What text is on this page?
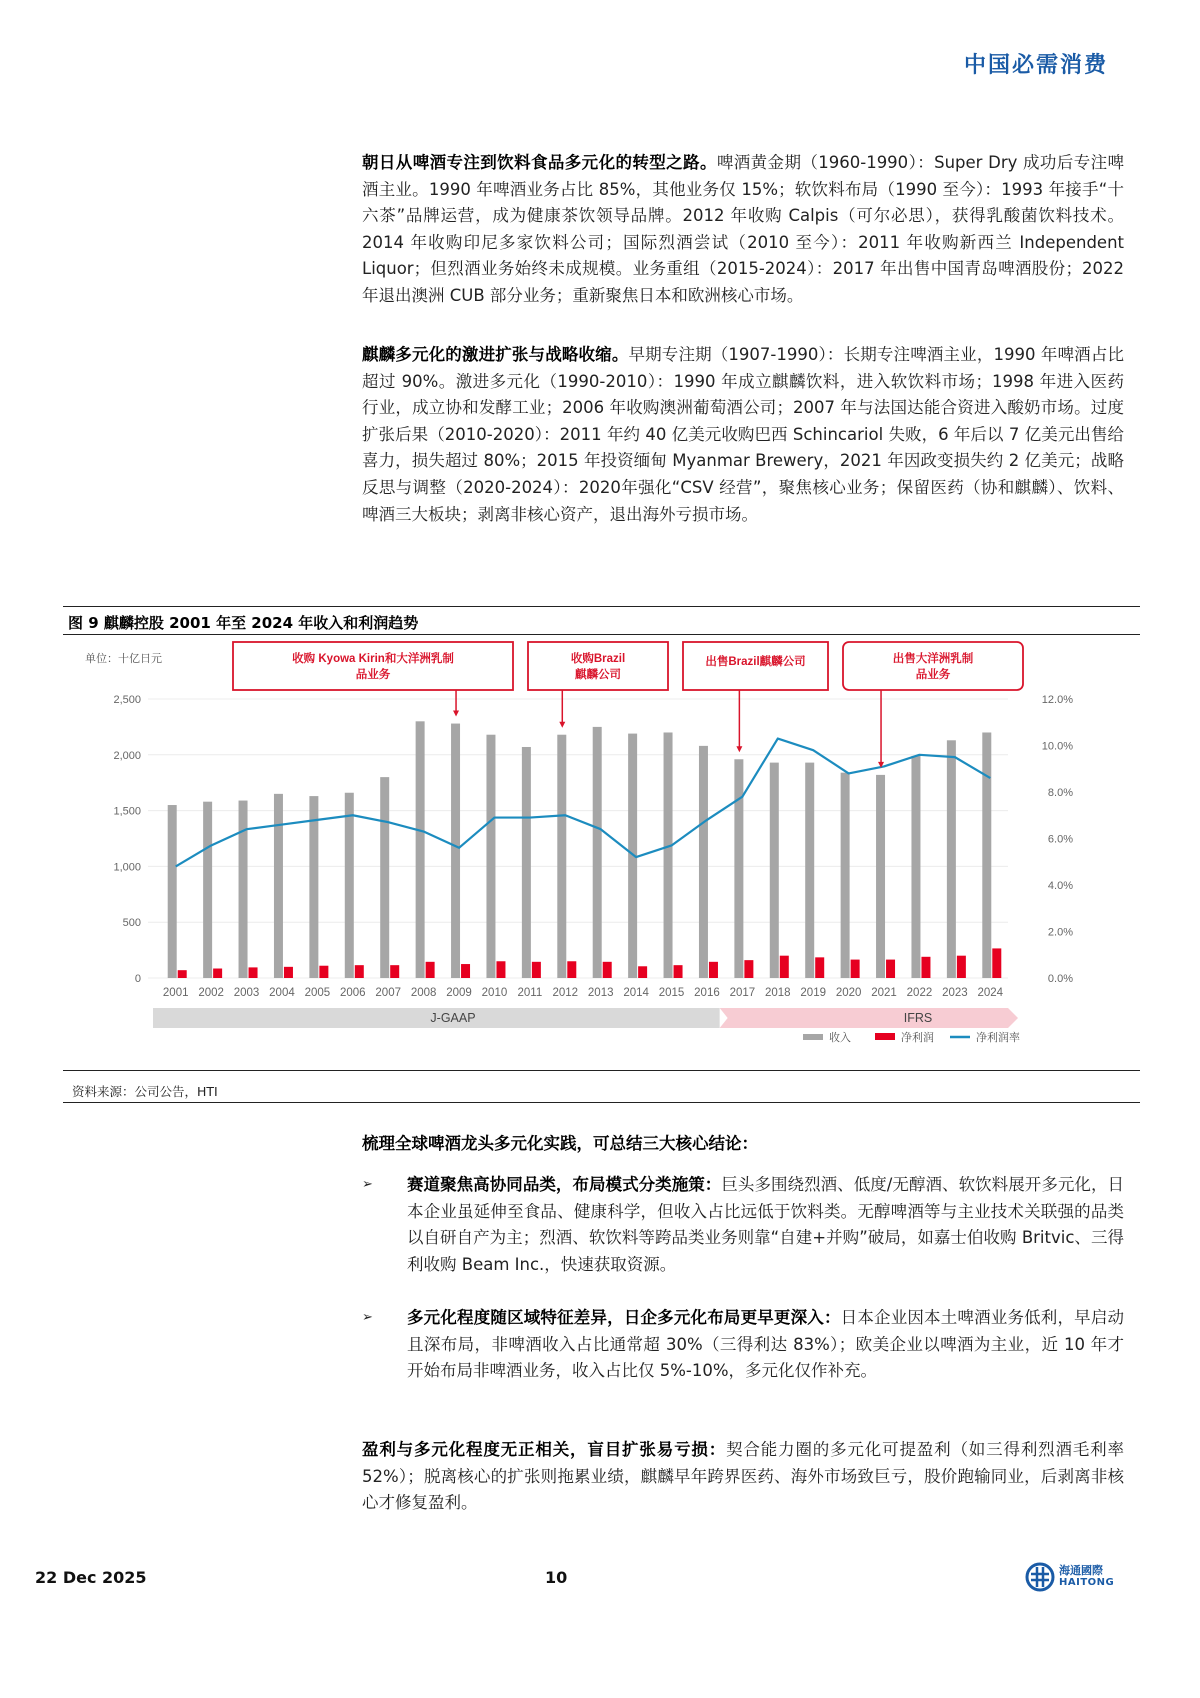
中国必需消费
朝日从啤酒专注到饮料食品多元化的转型之路。啤酒黄金期（1960-1990）：Super Dry 成功后专注啤酒主业。1990 年啤酒业务占比 85%，其他业务仅 15%；软饮料布局（1990 至今）：1993 年接手“十六茶”品牌运营，成为健康茶饮领导品牌。2012 年收购 Calpis（可尔必思），获得乳酸菌饮料技术。2014 年收购印尼多家饮料公司；国际烈酒尝试（2010 至今）：2011 年收购新西兰 Independent Liquor；但烈酒业务始终未成规模。业务重组（2015-2024）：2017 年出售中国青岛啤酒股份；2022 年退出澳洲 CUB 部分业务；重新聚焦日本和欧洲核心市场。
麒麟多元化的激进扩张与战略收缩。早期专注期（1907-1990）：长期专注啤酒主业，1990 年啤酒占比超过 90%。激进多元化（1990-2010）：1990 年成立麒麟饮料，进入软饮料市场；1998 年进入医药行业，成立协和发酵工业；2006 年收购澳洲葡萄酒公司；2007 年与法国达能合资进入酸奶市场。过度扩张后果（2010-2020）：2011 年约 40 亿美元收购巴西 Schincariol 失败，6 年后以 7 亿美元出售给喜力，损失超过 80%；2015 年投资缅甸 Myanmar Brewery，2021 年因政变损失约 2 亿美元；战略反思与调整（2020-2024）：2020年强化“CSV 经营”，聚焦核心业务；保留医药（协和麒麟）、饮料、啤酒三大板块；剥离非核心资产，退出海外亏损市场。
图 9 麒麟控股 2001 年至 2024 年收入和利润趋势
单位：十亿日元
0
500
1,000
1,500
2,000
2,500
0.0%
2.0%
4.0%
6.0%
8.0%
10.0%
12.0%
2001 2002 2003 2004 2005 2006 2007 2008 2009 2010 2011 2012 2013 2014 2015 2016 2017 2018 2019 2020 2021 2022 2023 2024
J-GAAP	IFRS
收购 Kyowa Kirin和大洋洲乳制
品业务
收购Brazil
麒麟公司
出售Brazil麒麟公司	出售大洋洲乳制
品业务
收入	净利润	净利润率
资料来源：公司公告，HTI
梳理全球啤酒龙头多元化实践，可总结三大核心结论：
➢ 赛道聚焦高协同品类，布局模式分类施策：巨头多围绕烈酒、低度/无醇酒、软饮料展开多元化，日本企业虽延伸至食品、健康科学，但收入占比远低于饮料类。无醇啤酒等与主业技术关联强的品类以自研自产为主；烈酒、软饮料等跨品类业务则靠“自建+并购”破局，如嘉士伯收购 Britvic、三得利收购 Beam Inc.，快速获取资源。
➢ 多元化程度随区域特征差异，日企多元化布局更早更深入：日本企业因本土啤酒业务低利，早启动且深布局，非啤酒收入占比通常超 30%（三得利达 83%）；欧美企业以啤酒为主业，近 10 年才开始布局非啤酒业务，收入占比仅 5%-10%，多元化仅作补充。
盈利与多元化程度无正相关，盲目扩张易亏损：契合能力圈的多元化可提盈利（如三得利烈酒毛利率 52%）；脱离核心的扩张则拖累业绩，麒麟早年跨界医药、海外市场致巨亏，股价跑输同业，后剥离非核心才修复盈利。
22 Dec 2025	10	海通國際
HAITONG
